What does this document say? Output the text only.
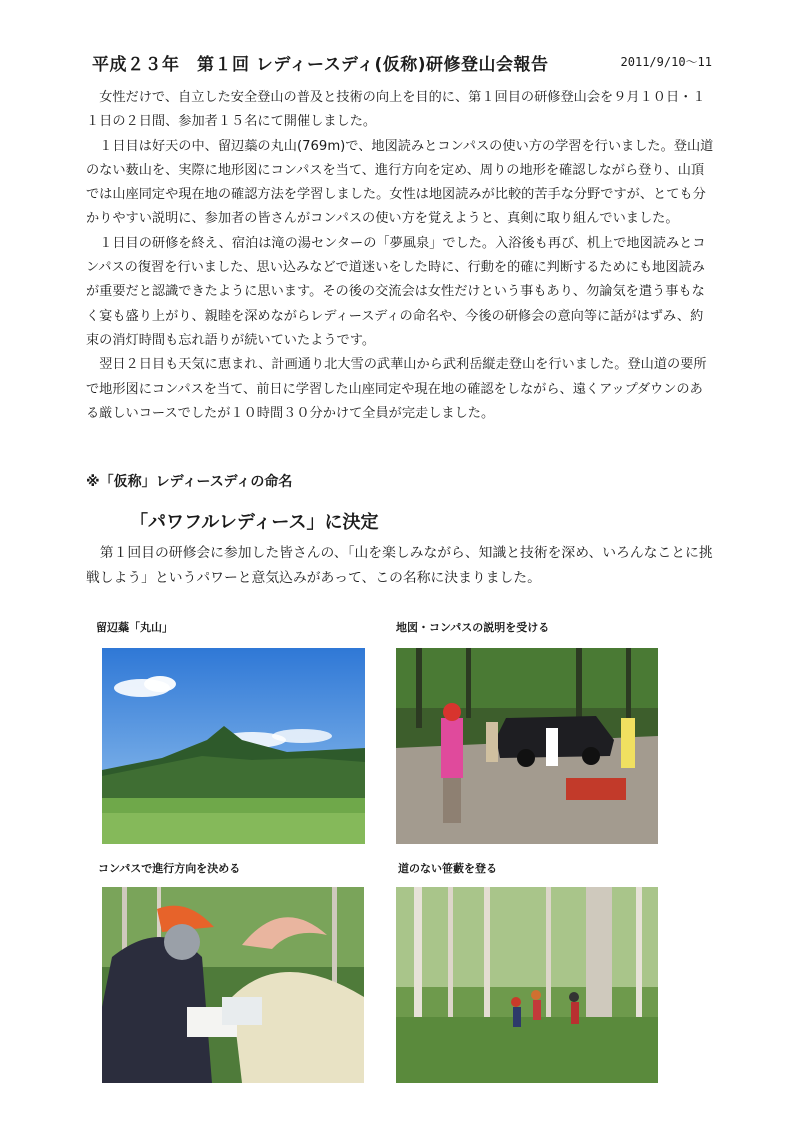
平成２３年　第１回 レディースディ(仮称)研修登山会報告	2011/9/10～11

女性だけで、自立した安全登山の普及と技術の向上を目的に、第１回目の研修登山会を９月１０日・１１日の２日間、参加者１５名にて開催しました。

１日目は好天の中、留辺蘂の丸山(769m)で、地図読みとコンパスの使い方の学習を行いました。登山道のない薮山を、実際に地形図にコンパスを当て、進行方向を定め、周りの地形を確認しながら登り、山頂では山座同定や現在地の確認方法を学習しました。女性は地図読みが比較的苦手な分野ですが、とても分かりやすい説明に、参加者の皆さんがコンパスの使い方を覚えようと、真剣に取り組んでいました。

１日目の研修を終え、宿泊は滝の湯センターの「夢風泉」でした。入浴後も再び、机上で地図読みとコンパスの復習を行いました、思い込みなどで道迷いをした時に、行動を的確に判断するためにも地図読みが重要だと認識できたように思います。その後の交流会は女性だけという事もあり、勿論気を遣う事もなく宴も盛り上がり、親睦を深めながらレディースディの命名や、今後の研修会の意向等に話がはずみ、約束の消灯時間も忘れ語りが続いていたようです。

翌日２日目も天気に恵まれ、計画通り北大雪の武華山から武利岳縦走登山を行いました。登山道の要所で地形図にコンパスを当て、前日に学習した山座同定や現在地の確認をしながら、遠くアップダウンのある厳しいコースでしたが１０時間３０分かけて全員が完走しました。

※「仮称」レディースディの命名
「パワフルレディース」に決定

第１回目の研修会に参加した皆さんの、「山を楽しみながら、知識と技術を深め、いろんなことに挑戦しよう」というパワーと意気込みがあって、この名称に決まりました。

留辺蘂「丸山」	地図・コンパスの説明を受ける
コンパスで進行方向を決める	道のない笹藪を登る
